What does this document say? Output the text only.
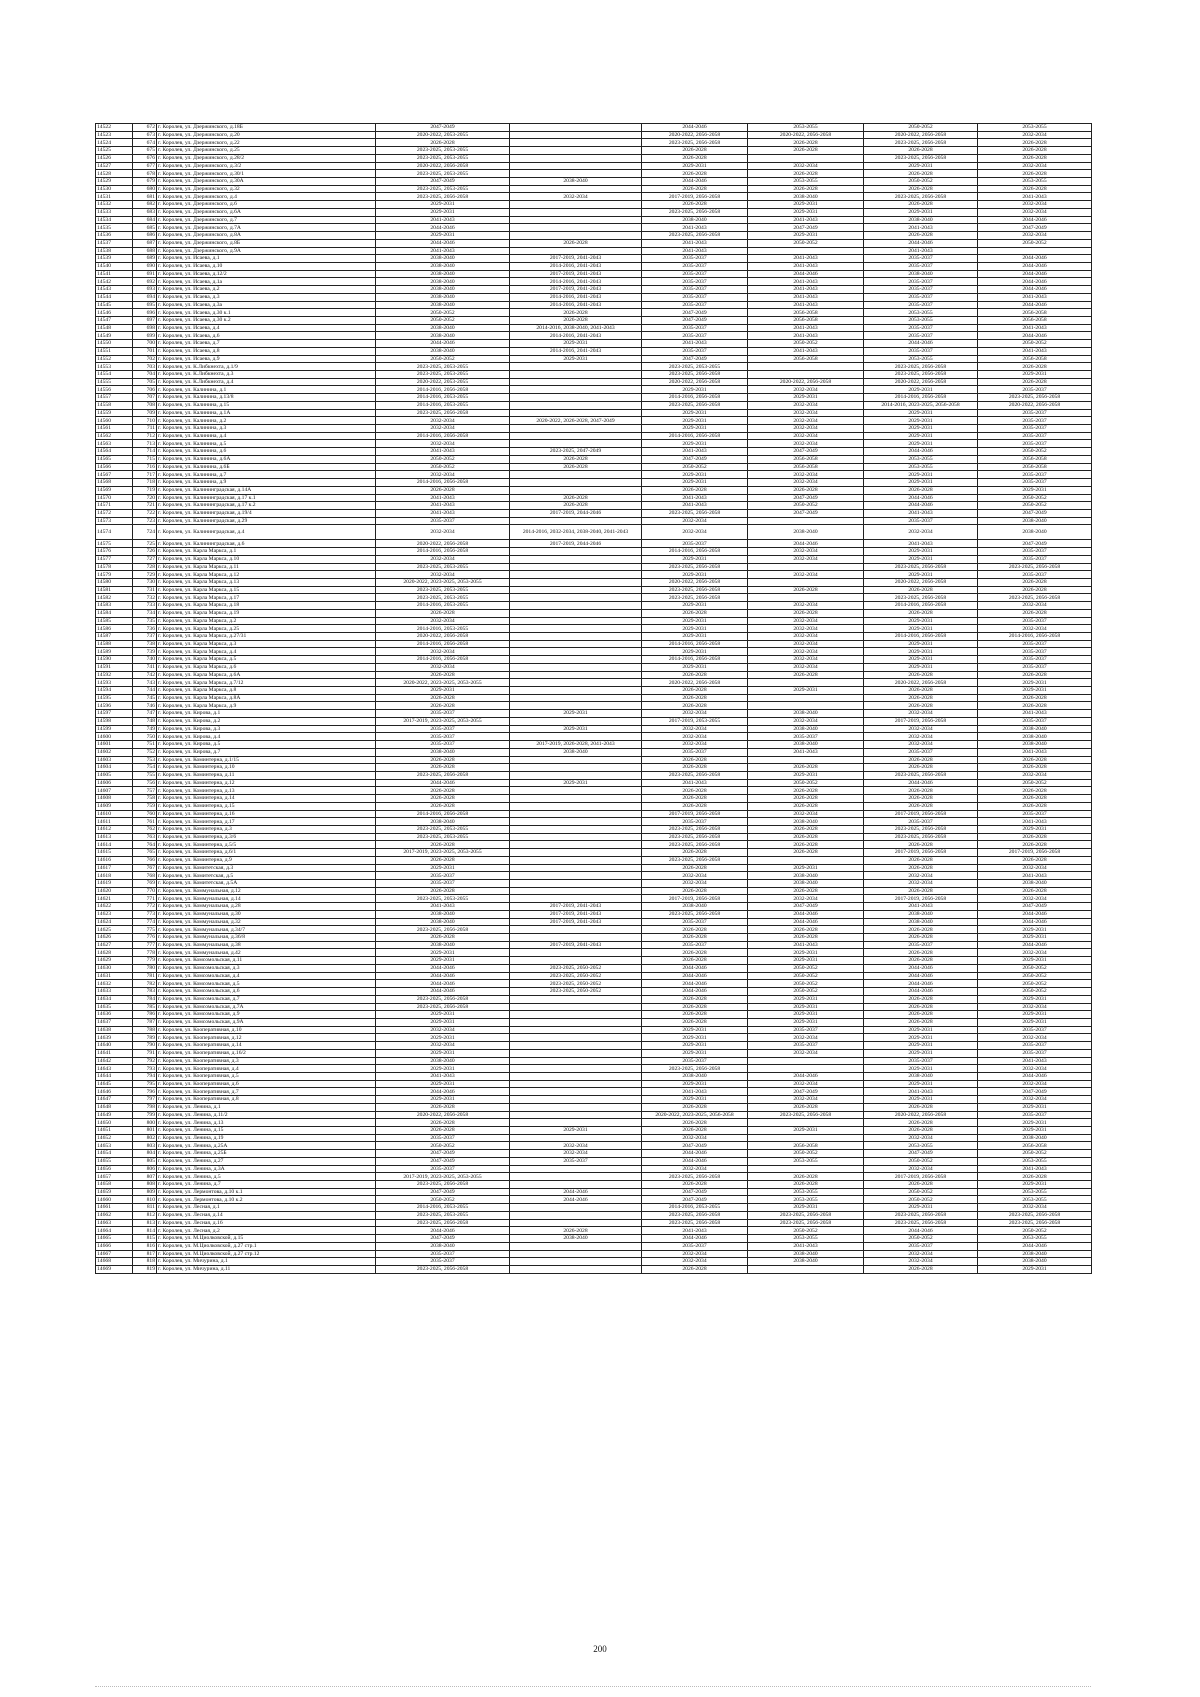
14522	672	г. Королев, ул. Дзержинского, д.18Б	2047-2049		2044-2046	2053-2055	2050-2052	2053-2055
14523	673	г. Королев, ул. Дзержинского, д.20	2020-2022, 2053-2055		2020-2022, 2056-2058	2020-2022, 2056-2058	2020-2022, 2056-2058	2032-2034
14524	674	г. Королев, ул. Дзержинского, д.22	2026-2028		2023-2025, 2056-2058	2026-2028	2023-2025, 2056-2058	2026-2028
14525	675	г. Королев, ул. Дзержинского, д.25	2023-2025, 2053-2055		2026-2028	2026-2028	2026-2028	2026-2028
14526	676	г. Королев, ул. Дзержинского, д.28/2	2023-2025, 2053-2055		2026-2028		2023-2025, 2056-2058	2026-2028
14527	677	г. Королев, ул. Дзержинского, д.3/2	2020-2022, 2056-2058		2029-2031	2032-2034	2029-2031	2032-2034
14528	678	г. Королев, ул. Дзержинского, д.30/1	2023-2025, 2053-2055		2026-2028	2026-2028	2026-2028	2026-2028
14529	679	г. Королев, ул. Дзержинского, д.30А	2047-2049	2038-2040	2044-2046	2053-2055	2050-2052	2053-2055
14530	680	г. Королев, ул. Дзержинского, д.32	2023-2025, 2053-2055		2026-2028	2026-2028	2026-2028	2026-2028
14531	681	г. Королев, ул. Дзержинского, д.4	2023-2025, 2056-2058	2032-2034	2017-2019, 2056-2058	2038-2040	2023-2025, 2056-2058	2041-2043
14532	682	г. Королев, ул. Дзержинского, д.6	2029-2031		2026-2028	2029-2031	2026-2028	2032-2034
14533	683	г. Королев, ул. Дзержинского, д.6А	2029-2031		2023-2025, 2056-2058	2029-2031	2029-2031	2032-2034
14534	684	г. Королев, ул. Дзержинского, д.7	2041-2043		2038-2040	2041-2043	2038-2040	2044-2046
14535	685	г. Королев, ул. Дзержинского, д.7А	2044-2046		2041-2043	2047-2049	2041-2043	2047-2049
14536	686	г. Королев, ул. Дзержинского, д.8А	2029-2031		2023-2025, 2056-2058	2029-2031	2026-2028	2032-2034
14537	687	г. Королев, ул. Дзержинского, д.8Б	2044-2046	2026-2028	2041-2043	2050-2052	2044-2046	2050-2052
14538	688	г. Королев, ул. Дзержинского, д.9А	2041-2043		2041-2043		2041-2043	
14539	689	г. Королев, ул. Исаева, д.1	2038-2040	2017-2019, 2041-2043	2035-2037	2041-2043	2035-2037	2044-2046
14540	690	г. Королев, ул. Исаева, д.10	2038-2040	2014-2016, 2041-2043	2035-2037	2041-2043	2035-2037	2044-2046
14541	691	г. Королев, ул. Исаева, д.12/2	2038-2040	2017-2019, 2041-2043	2035-2037	2044-2046	2038-2040	2044-2046
14542	692	г. Королев, ул. Исаева, д.1а	2038-2040	2014-2016, 2041-2043	2035-2037	2041-2043	2035-2037	2044-2046
14543	693	г. Королев, ул. Исаева, д.2	2038-2040	2017-2019, 2041-2043	2035-2037	2041-2043	2035-2037	2044-2046
14544	694	г. Королев, ул. Исаева, д.3	2038-2040	2014-2016, 2041-2043	2035-2037	2041-2043	2035-2037	2041-2043
14545	695	г. Королев, ул. Исаева, д.3а	2038-2040	2014-2016, 2041-2043	2035-2037	2041-2043	2035-2037	2044-2046
14546	696	г. Королев, ул. Исаева, д.30 к.1	2050-2052	2026-2028	2047-2049	2056-2058	2053-2055	2056-2058
14547	697	г. Королев, ул. Исаева, д.30 к.2	2050-2052	2026-2028	2047-2049	2056-2058	2053-2055	2056-2058
14548	698	г. Королев, ул. Исаева, д.4	2038-2040	2014-2016, 2038-2040, 2041-2043	2035-2037	2041-2043	2035-2037	2041-2043
14549	699	г. Королев, ул. Исаева, д.6	2038-2040	2014-2016, 2041-2043	2035-2037	2041-2043	2035-2037	2044-2046
14550	700	г. Королев, ул. Исаева, д.7	2044-2046	2029-2031	2041-2043	2050-2052	2044-2046	2050-2052
14551	701	г. Королев, ул. Исаева, д.8	2038-2040	2014-2016, 2041-2043	2035-2037	2041-2043	2035-2037	2041-2043
14552	702	г. Королев, ул. Исаева, д.9	2050-2052	2029-2031	2047-2049	2056-2058	2053-2055	2056-2058
14553	703	г. Королев, ул. К.Либкнехта, д.1/9	2023-2025, 2053-2055		2023-2025, 2053-2055		2023-2025, 2056-2058	2026-2028
14554	704	г. Королев, ул. К.Либкнехта, д.3	2023-2025, 2053-2055		2023-2025, 2056-2058		2023-2025, 2056-2058	2029-2031
14555	705	г. Королев, ул. К.Либкнехта, д.4	2020-2022, 2053-2055		2020-2022, 2056-2058	2020-2022, 2056-2058	2020-2022, 2056-2058	2026-2028
14556	706	г. Королев, ул. Калинина, д.1	2014-2016, 2056-2058		2029-2031	2032-2034	2029-2031	2035-2037
14557	707	г. Королев, ул. Калинина, д.13/8	2014-2016, 2053-2055		2014-2016, 2056-2058	2029-2031	2014-2016, 2056-2058	2023-2025, 2056-2058
14558	708	г. Королев, ул. Калинина, д.15	2014-2016, 2053-2055		2023-2025, 2056-2058	2032-2034	2014-2016, 2023-2025, 2056-2058	2020-2022, 2056-2058
14559	709	г. Королев, ул. Калинина, д.1А	2023-2025, 2056-2058		2029-2031	2032-2034	2029-2031	2035-2037
14560	710	г. Королев, ул. Калинина, д.2	2032-2034	2020-2022, 2026-2028, 2047-2049	2029-2031	2032-2034	2029-2031	2035-2037
14561	711	г. Королев, ул. Калинина, д.3	2032-2034		2029-2031	2032-2034	2029-2031	2035-2037
14562	712	г. Королев, ул. Калинина, д.4	2014-2016, 2056-2058		2014-2016, 2056-2058	2032-2034	2029-2031	2035-2037
14563	713	г. Королев, ул. Калинина, д.5	2032-2034		2029-2031	2032-2034	2029-2031	2035-2037
14564	714	г. Королев, ул. Калинина, д.6	2041-2043	2023-2025, 2047-2049	2041-2043	2047-2049	2044-2046	2050-2052
14565	715	г. Королев, ул. Калинина, д.6А	2050-2052	2026-2028	2047-2049	2056-2058	2053-2055	2056-2058
14566	716	г. Королев, ул. Калинина, д.6Б	2050-2052	2026-2028	2050-2052	2056-2058	2053-2055	2056-2058
14567	717	г. Королев, ул. Калинина, д.7	2032-2034		2029-2031	2032-2034	2029-2031	2035-2037
14568	718	г. Королев, ул. Калинина, д.9	2014-2016, 2056-2058		2029-2031	2032-2034	2029-2031	2035-2037
14569	719	г. Королев, ул. Калининградская, д.14А	2026-2028		2026-2028	2026-2028	2026-2028	2029-2031
14570	720	г. Королев, ул. Калининградская, д.17 к.1	2041-2043	2026-2028	2041-2043	2047-2049	2044-2046	2050-2052
14571	721	г. Королев, ул. Калининградская, д.17 к.2	2041-2043	2026-2028	2041-2043	2050-2052	2044-2046	2050-2052
14572	722	г. Королев, ул. Калининградская, д.19/4	2041-2043	2017-2019, 2044-2046	2023-2025, 2056-2058	2047-2049	2041-2043	2047-2049
14573	723	г. Королев, ул. Калининградская, д.29	2035-2037		2032-2034		2035-2037	2038-2040
14574	724	г. Королев, ул. Калининградская, д.4	2032-2034	2014-2016, 2032-2034, 2038-2040, 2041-2043	2032-2034	2038-2040	2032-2034	2038-2040
14575	725	г. Королев, ул. Калининградская, д.6	2020-2022, 2056-2058	2017-2019, 2044-2046	2035-2037	2044-2046	2041-2043	2047-2049
14576	726	г. Королев, ул. Карла Маркса, д.1	2014-2016, 2056-2058		2014-2016, 2056-2058	2032-2034	2029-2031	2035-2037
14577	727	г. Королев, ул. Карла Маркса, д.10	2032-2034		2029-2031	2032-2034	2029-2031	2035-2037
14578	728	г. Королев, ул. Карла Маркса, д.11	2023-2025, 2053-2055		2023-2025, 2056-2058		2023-2025, 2056-2058	2023-2025, 2056-2058
14579	729	г. Королев, ул. Карла Маркса, д.12	2032-2034		2029-2031	2032-2034	2029-2031	2035-2037
14580	730	г. Королев, ул. Карла Маркса, д.13	2020-2022, 2023-2025, 2053-2055		2020-2022, 2056-2058		2020-2022, 2056-2058	2026-2028
14581	731	г. Королев, ул. Карла Маркса, д.15	2023-2025, 2053-2055		2023-2025, 2056-2058	2026-2028	2026-2028	2026-2028
14582	732	г. Королев, ул. Карла Маркса, д.17	2023-2025, 2053-2055		2023-2025, 2056-2058		2023-2025, 2056-2058	2023-2025, 2056-2058
14583	733	г. Королев, ул. Карла Маркса, д.18	2014-2016, 2053-2055		2029-2031	2032-2034	2014-2016, 2056-2058	2032-2034
14584	734	г. Королев, ул. Карла Маркса, д.19	2026-2028		2026-2028	2026-2028	2026-2028	2026-2028
14585	735	г. Королев, ул. Карла Маркса, д.2	2032-2034		2029-2031	2032-2034	2029-2031	2035-2037
14586	736	г. Королев, ул. Карла Маркса, д.25	2014-2016, 2053-2055		2029-2031	2032-2034	2029-2031	2032-2034
14587	737	г. Королев, ул. Карла Маркса, д.27/31	2020-2022, 2056-2058		2029-2031	2032-2034	2014-2016, 2056-2058	2014-2016, 2056-2058
14588	738	г. Королев, ул. Карла Маркса, д.3	2014-2016, 2056-2058		2014-2016, 2056-2058	2032-2034	2029-2031	2035-2037
14589	739	г. Королев, ул. Карла Маркса, д.4	2032-2034		2029-2031	2032-2034	2029-2031	2035-2037
14590	740	г. Королев, ул. Карла Маркса, д.5	2014-2016, 2056-2058		2014-2016, 2056-2058	2032-2034	2029-2031	2035-2037
14591	741	г. Королев, ул. Карла Маркса, д.6	2032-2034		2029-2031	2032-2034	2029-2031	2035-2037
14592	742	г. Королев, ул. Карла Маркса, д.6А	2026-2028		2026-2028	2026-2028	2026-2028	2026-2028
14593	743	г. Королев, ул. Карла Маркса, д.7/12	2020-2022, 2023-2025, 2053-2055		2020-2022, 2056-2058		2020-2022, 2056-2058	2029-2031
14594	744	г. Королев, ул. Карла Маркса, д.8	2029-2031		2026-2028	2029-2031	2026-2028	2029-2031
14595	745	г. Королев, ул. Карла Маркса, д.8А	2026-2028		2026-2028		2026-2028	2026-2028
14596	746	г. Королев, ул. Карла Маркса, д.9	2026-2028		2026-2028		2026-2028	2026-2028
14597	747	г. Королев, ул. Кирова, д.1	2035-2037	2029-2031	2032-2034	2038-2040	2032-2034	2041-2043
14598	748	г. Королев, ул. Кирова, д.2	2017-2019, 2023-2025, 2053-2055		2017-2019, 2053-2055	2032-2034	2017-2019, 2056-2058	2035-2037
14599	749	г. Королев, ул. Кирова, д.3	2035-2037	2029-2031	2032-2034	2038-2040	2032-2034	2038-2040
14600	750	г. Королев, ул. Кирова, д.4	2035-2037		2032-2034	2035-2037	2032-2034	2038-2040
14601	751	г. Королев, ул. Кирова, д.5	2035-2037	2017-2019, 2026-2028, 2041-2043	2032-2034	2038-2040	2032-2034	2038-2040
14602	752	г. Королев, ул. Кирова, д.7	2038-2040	2038-2040	2035-2037	2041-2043	2035-2037	2041-2043
14603	753	г. Королев, ул. Коминтерна, д.1/15	2026-2028		2026-2028		2026-2028	2026-2028
14604	754	г. Королев, ул. Коминтерна, д.10	2026-2028		2026-2028	2026-2028	2026-2028	2026-2028
14605	755	г. Королев, ул. Коминтерна, д.11	2023-2025, 2056-2058		2023-2025, 2056-2058	2029-2031	2023-2025, 2056-2058	2032-2034
14606	756	г. Королев, ул. Коминтерна, д.12	2044-2046	2029-2031	2041-2043	2050-2052	2044-2046	2050-2052
14607	757	г. Королев, ул. Коминтерна, д.13	2026-2028		2026-2028	2026-2028	2026-2028	2026-2028
14608	758	г. Королев, ул. Коминтерна, д.14	2026-2028		2026-2028	2026-2028	2026-2028	2026-2028
14609	759	г. Королев, ул. Коминтерна, д.15	2026-2028		2026-2028	2026-2028	2026-2028	2026-2028
14610	760	г. Королев, ул. Коминтерна, д.16	2014-2016, 2056-2058		2017-2019, 2056-2058	2032-2034	2017-2019, 2056-2058	2035-2037
14611	761	г. Королев, ул. Коминтерна, д.17	2038-2040		2035-2037	2038-2040	2035-2037	2041-2043
14612	762	г. Королев, ул. Коминтерна, д.3	2023-2025, 2053-2055		2023-2025, 2056-2058	2026-2028	2023-2025, 2056-2058	2029-2031
14613	763	г. Королев, ул. Коминтерна, д.3/6	2023-2025, 2053-2055		2023-2025, 2056-2058	2026-2028	2023-2025, 2056-2058	2026-2028
14614	764	г. Королев, ул. Коминтерна, д.5/5	2026-2028		2023-2025, 2056-2058	2026-2028	2026-2028	2026-2028
14615	765	г. Королев, ул. Коминтерна, д.6/1	2017-2019, 2023-2025, 2053-2055		2026-2028	2026-2028	2017-2019, 2056-2058	2017-2019, 2056-2058
14616	766	г. Королев, ул. Коминтерна, д.9	2026-2028		2023-2025, 2056-2058		2026-2028	2026-2028
14617	767	г. Королев, ул. Комитетская, д.3	2029-2031		2026-2028	2029-2031	2026-2028	2032-2034
14618	768	г. Королев, ул. Комитетская, д.5	2035-2037		2032-2034	2038-2040	2032-2034	2041-2043
14619	769	г. Королев, ул. Комитетская, д.5А	2035-2037		2032-2034	2038-2040	2032-2034	2038-2040
14620	770	г. Королев, ул. Коммунальная, д.12	2026-2028		2026-2028	2026-2028	2026-2028	2026-2028
14621	771	г. Королев, ул. Коммунальная, д.14	2023-2025, 2053-2055		2017-2019, 2056-2058	2032-2034	2017-2019, 2056-2058	2032-2034
14622	772	г. Королев, ул. Коммунальная, д.28	2041-2043	2017-2019, 2041-2043	2038-2040	2047-2049	2041-2043	2047-2049
14623	773	г. Королев, ул. Коммунальная, д.30	2038-2040	2017-2019, 2041-2043	2023-2025, 2056-2058	2044-2046	2038-2040	2044-2046
14624	774	г. Королев, ул. Коммунальная, д.32	2038-2040	2017-2019, 2041-2043	2035-2037	2044-2046	2038-2040	2044-2046
14625	775	г. Королев, ул. Коммунальная, д.34/7	2023-2025, 2056-2058		2026-2028	2026-2028	2026-2028	2029-2031
14626	776	г. Королев, ул. Коммунальная, д.36/8	2026-2028		2026-2028	2026-2028	2026-2028	2029-2031
14627	777	г. Королев, ул. Коммунальная, д.38	2038-2040	2017-2019, 2041-2043	2035-2037	2041-2043	2035-2037	2044-2046
14628	778	г. Королев, ул. Коммунальная, д.42	2029-2031		2026-2028	2029-2031	2026-2028	2032-2034
14629	779	г. Королев, ул. Комсомольская, д.11	2029-2031		2026-2028	2029-2031	2026-2028	2029-2031
14630	780	г. Королев, ул. Комсомольская, д.3	2044-2046	2023-2025, 2050-2052	2044-2046	2050-2052	2044-2046	2050-2052
14631	781	г. Королев, ул. Комсомольская, д.4	2044-2046	2023-2025, 2050-2052	2044-2046	2050-2052	2044-2046	2050-2052
14632	782	г. Королев, ул. Комсомольская, д.5	2044-2046	2023-2025, 2050-2052	2044-2046	2050-2052	2044-2046	2050-2052
14633	783	г. Королев, ул. Комсомольская, д.6	2044-2046	2023-2025, 2050-2052	2044-2046	2050-2052	2044-2046	2050-2052
14634	784	г. Королев, ул. Комсомольская, д.7	2023-2025, 2056-2058		2026-2028	2029-2031	2026-2028	2029-2031
14635	785	г. Королев, ул. Комсомольская, д.7А	2023-2025, 2056-2058		2026-2028	2029-2031	2026-2028	2032-2034
14636	786	г. Королев, ул. Комсомольская, д.9	2029-2031		2026-2028	2029-2031	2026-2028	2029-2031
14637	787	г. Королев, ул. Комсомольская, д.9А	2029-2031		2026-2028	2029-2031	2026-2028	2029-2031
14638	788	г. Королев, ул. Кооперативная, д.10	2032-2034		2029-2031	2035-2037	2029-2031	2035-2037
14639	789	г. Королев, ул. Кооперативная, д.12	2029-2031		2029-2031	2032-2034	2029-2031	2032-2034
14640	790	г. Королев, ул. Кооперативная, д.14	2032-2034		2029-2031	2035-2037	2029-2031	2035-2037
14641	791	г. Королев, ул. Кооперативная, д.16/2	2029-2031		2029-2031	2032-2034	2029-2031	2035-2037
14642	792	г. Королев, ул. Кооперативная, д.3	2038-2040		2035-2037		2035-2037	2041-2043
14643	793	г. Королев, ул. Кооперативная, д.4	2029-2031		2023-2025, 2056-2058		2029-2031	2032-2034
14644	794	г. Королев, ул. Кооперативная, д.5	2041-2043		2038-2040	2044-2046	2038-2040	2044-2046
14645	795	г. Королев, ул. Кооперативная, д.6	2029-2031		2029-2031	2032-2034	2029-2031	2032-2034
14646	796	г. Королев, ул. Кооперативная, д.7	2044-2046		2041-2043	2047-2049	2041-2043	2047-2049
14647	797	г. Королев, ул. Кооперативная, д.8	2029-2031		2029-2031	2032-2034	2029-2031	2032-2034
14648	798	г. Королев, ул. Ленина, д.1	2026-2028		2026-2028	2026-2028	2026-2028	2029-2031
14649	799	г. Королев, ул. Ленина, д.11/2	2020-2022, 2056-2058		2020-2022, 2023-2025, 2056-2058	2023-2025, 2056-2058	2020-2022, 2056-2058	2035-2037
14650	800	г. Королев, ул. Ленина, д.13	2026-2028		2026-2028		2026-2028	2029-2031
14651	801	г. Королев, ул. Ленина, д.15	2026-2028	2029-2031	2026-2028	2029-2031	2026-2028	2029-2031
14652	802	г. Королев, ул. Ленина, д.19	2035-2037		2032-2034		2032-2034	2038-2040
14653	803	г. Королев, ул. Ленина, д.25А	2050-2052	2032-2034	2047-2049	2056-2058	2053-2055	2056-2058
14654	804	г. Королев, ул. Ленина, д.25Б	2047-2049	2032-2034	2044-2046	2050-2052	2047-2049	2050-2052
14655	805	г. Королев, ул. Ленина, д.27	2047-2049	2035-2037	2044-2046	2053-2055	2050-2052	2053-2055
14656	806	г. Королев, ул. Ленина, д.3А	2035-2037		2032-2034		2032-2034	2041-2043
14657	807	г. Королев, ул. Ленина, д.5	2017-2019, 2023-2025, 2053-2055		2023-2025, 2056-2058	2026-2028	2017-2019, 2056-2058	2026-2028
14658	808	г. Королев, ул. Ленина, д.7	2023-2025, 2056-2058		2026-2028	2026-2028	2026-2028	2029-2031
14659	809	г. Королев, ул. Лермонтова, д.10 к.1	2047-2049	2044-2046	2047-2049	2053-2055	2050-2052	2053-2055
14660	810	г. Королев, ул. Лермонтова, д.10 к.2	2050-2052	2044-2046	2047-2049	2053-2055	2050-2052	2053-2055
14661	811	г. Королев, ул. Лесная, д.1	2014-2016, 2053-2055		2014-2016, 2053-2055	2029-2031	2029-2031	2032-2034
14662	812	г. Королев, ул. Лесная, д.14	2023-2025, 2053-2055		2023-2025, 2056-2058	2023-2025, 2056-2058	2023-2025, 2056-2058	2023-2025, 2056-2058
14663	813	г. Королев, ул. Лесная, д.16	2023-2025, 2056-2058		2023-2025, 2056-2058	2023-2025, 2056-2058	2023-2025, 2056-2058	2023-2025, 2056-2058
14664	814	г. Королев, ул. Лесная, д.2	2044-2046	2026-2028	2041-2043	2050-2052	2044-2046	2050-2052
14665	815	г. Королев, ул. М.Циолковской, д.15	2047-2049	2038-2040	2044-2046	2053-2055	2050-2052	2053-2055
14666	816	г. Королев, ул. М.Циолковской, д.27 стр.1	2038-2040		2035-2037	2041-2043	2035-2037	2044-2046
14667	817	г. Королев, ул. М.Циолковской, д.27 стр.12	2035-2037		2032-2034	2038-2040	2032-2034	2038-2040
14668	818	г. Королев, ул. Мичурина, д.1	2035-2037		2032-2034	2038-2040	2032-2034	2038-2040
14669	819	г. Королев, ул. Мичурина, д.11	2023-2025, 2056-2058		2026-2028		2026-2028	2029-2031
200
